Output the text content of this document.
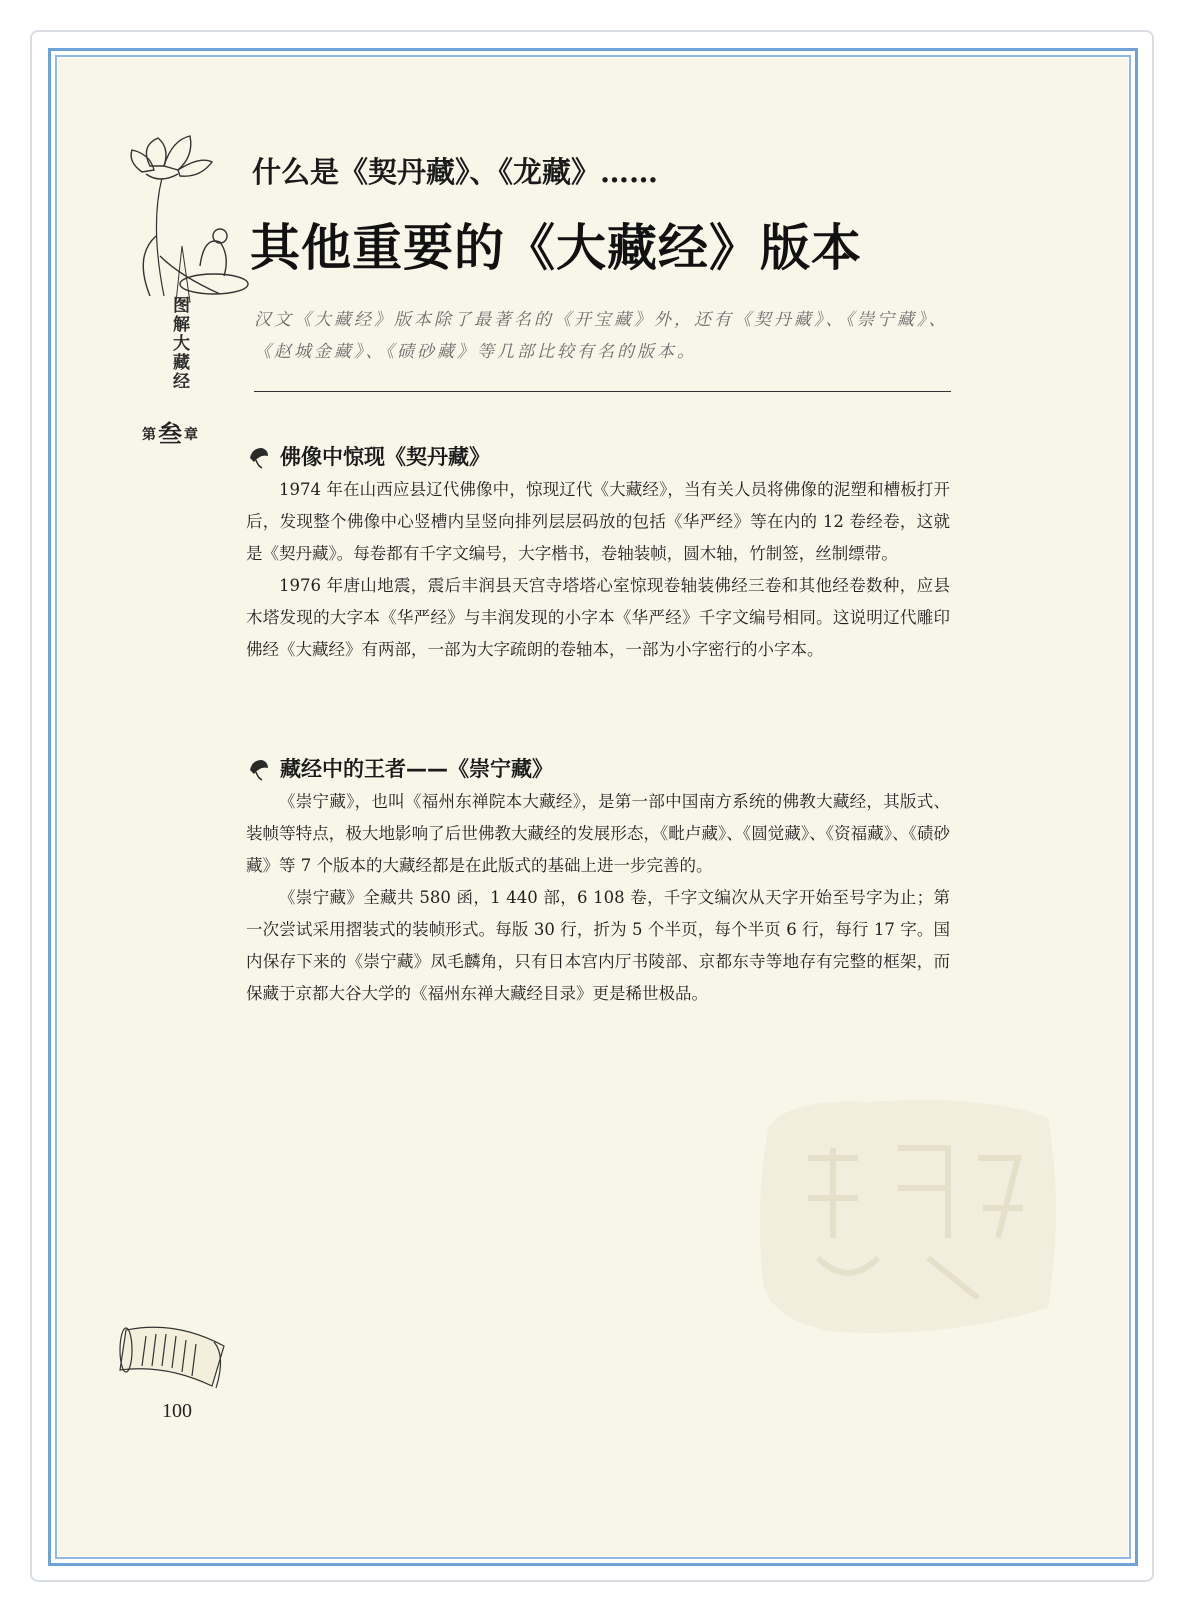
图解大藏经
第叁 章
什么是《契丹藏》、《龙藏》……
其他重要的《大藏经》版本
汉文《大藏经》版本除了最著名的《开宝藏》外，还有《契丹藏》、《崇宁藏》、《赵城金藏》、《碛砂藏》等几部比较有名的版本。
佛像中惊现《契丹藏》

1974 年在山西应县辽代佛像中，惊现辽代《大藏经》，当有关人员将佛像的泥塑和槽板打开后，发现整个佛像中心竖槽内呈竖向排列层层码放的包括《华严经》等在内的 12 卷经卷，这就是《契丹藏》。每卷都有千字文编号，大字楷书，卷轴装帧，圆木轴，竹制签，丝制缥带。

1976 年唐山地震，震后丰润县天宫寺塔塔心室惊现卷轴装佛经三卷和其他经卷数种，应县木塔发现的大字本《华严经》与丰润发现的小字本《华严经》千字文编号相同。这说明辽代雕印佛经《大藏经》有两部，一部为大字疏朗的卷轴本，一部为小字密行的小字本。

藏经中的王者——《崇宁藏》

《崇宁藏》，也叫《福州东禅院本大藏经》，是第一部中国南方系统的佛教大藏经，其版式、装帧等特点，极大地影响了后世佛教大藏经的发展形态，《毗卢藏》、《圆觉藏》、《资福藏》、《碛砂藏》等 7 个版本的大藏经都是在此版式的基础上进一步完善的。

《崇宁藏》全藏共 580 函，1 440 部，6 108 卷，千字文编次从天字开始至号字为止；第一次尝试采用摺装式的装帧形式。每版 30 行，折为 5 个半页，每个半页 6 行，每行 17 字。国内保存下来的《崇宁藏》凤毛麟角，只有日本宫内厅书陵部、京都东寺等地存有完整的框架，而保藏于京都大谷大学的《福州东禅大藏经目录》更是稀世极品。

100
